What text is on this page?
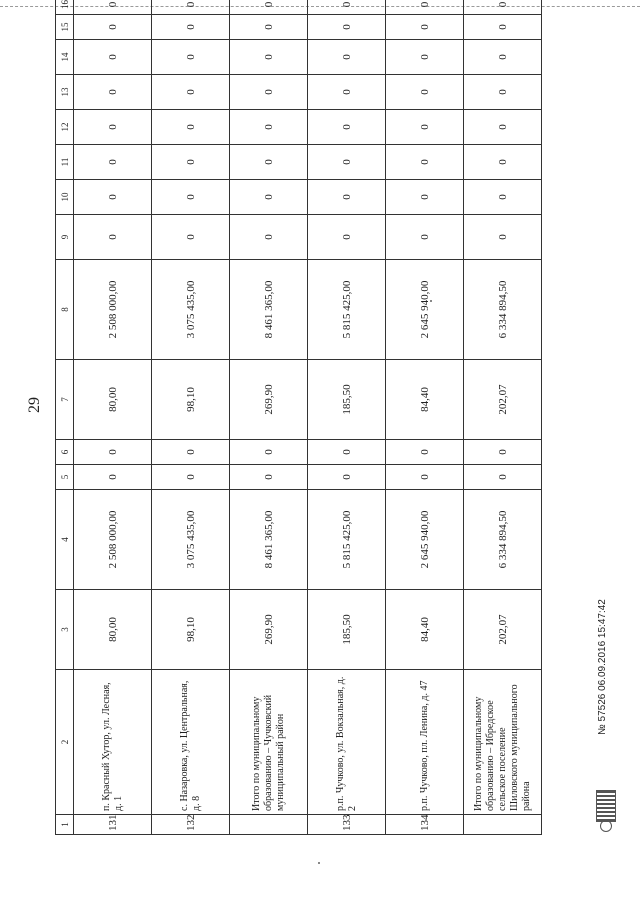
29
1	2	3	4	5	6	7	8	9	10	11	12	13	14	15	16
131	п. Красный Хутор, ул. Лесная, д. 1	80,00	2 508 000,00	0	0	80,00	2 508 000,00	0	0	0	0	0	0	0	0
132	с. Назаровка, ул. Центральная, д. 8	98,10	3 075 435,00	0	0	98,10	3 075 435,00	0	0	0	0	0	0	0	0
	Итого по муниципальному образованию – Чучковский муниципальный район	269,90	8 461 365,00	0	0	269,90	8 461 365,00	0	0	0	0	0	0	0	0
133	р.п. Чучково, ул. Вокзальная, д. 2	185,50	5 815 425,00	0	0	185,50	5 815 425,00	0	0	0	0	0	0	0	0
134	р.п. Чучково, пл. Ленина, д. 47	84,40	2 645 940,00	0	0	84,40	2 645 940,00	0	0	0	0	0	0	0	0
	Итого по муниципальному образованию – Ибредское сельское поселение Шиловского муниципального района	202,07	6 334 894,50	0	0	202,07	6 334 894,50	0	0	0	0	0	0	0	0
№ 57526 06.09.2016 15:47:42
